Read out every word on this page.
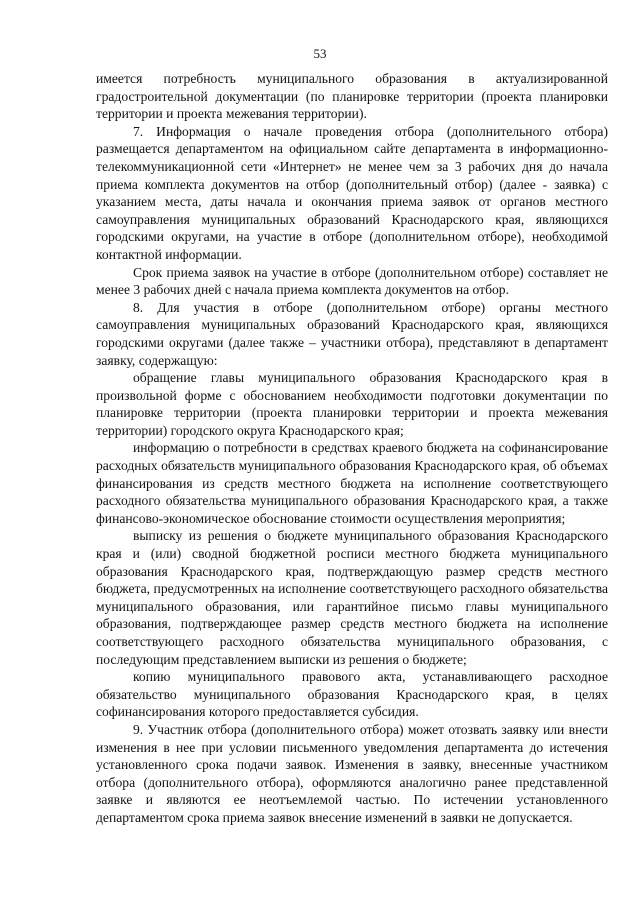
53

имеется потребность муниципального образования в актуализированной градостроительной документации (по планировке территории (проекта планировки территории и проекта межевания территории).

7. Информация о начале проведения отбора (дополнительного отбора) размещается департаментом на официальном сайте департамента в информационно-телекоммуникационной сети «Интернет» не менее чем за 3 рабочих дня до начала приема комплекта документов на отбор (дополнительный отбор) (далее - заявка) с указанием места, даты начала и окончания приема заявок от органов местного самоуправления муниципальных образований Краснодарского края, являющихся городскими округами, на участие в отборе (дополнительном отборе), необходимой контактной информации.

Срок приема заявок на участие в отборе (дополнительном отборе) составляет не менее 3 рабочих дней с начала приема комплекта документов на отбор.

8. Для участия в отборе (дополнительном отборе) органы местного самоуправления муниципальных образований Краснодарского края, являющихся городскими округами (далее также – участники отбора), представляют в департамент заявку, содержащую:

обращение главы муниципального образования Краснодарского края в произвольной форме с обоснованием необходимости подготовки документации по планировке территории (проекта планировки территории и проекта межевания территории) городского округа Краснодарского края;

информацию о потребности в средствах краевого бюджета на софинансирование расходных обязательств муниципального образования Краснодарского края, об объемах финансирования из средств местного бюджета на исполнение соответствующего расходного обязательства муниципального образования Краснодарского края, а также финансово-экономическое обоснование стоимости осуществления мероприятия;

выписку из решения о бюджете муниципального образования Краснодарского края и (или) сводной бюджетной росписи местного бюджета муниципального образования Краснодарского края, подтверждающую размер средств местного бюджета, предусмотренных на исполнение соответствующего расходного обязательства муниципального образования, или гарантийное письмо главы муниципального образования, подтверждающее размер средств местного бюджета на исполнение соответствующего расходного обязательства муниципального образования, с последующим представлением выписки из решения о бюджете;

копию муниципального правового акта, устанавливающего расходное обязательство муниципального образования Краснодарского края, в целях софинансирования которого предоставляется субсидия.

9. Участник отбора (дополнительного отбора) может отозвать заявку или внести изменения в нее при условии письменного уведомления департамента до истечения установленного срока подачи заявок. Изменения в заявку, внесенные участником отбора (дополнительного отбора), оформляются аналогично ранее представленной заявке и являются ее неотъемлемой частью. По истечении установленного департаментом срока приема заявок внесение изменений в заявки не допускается.
